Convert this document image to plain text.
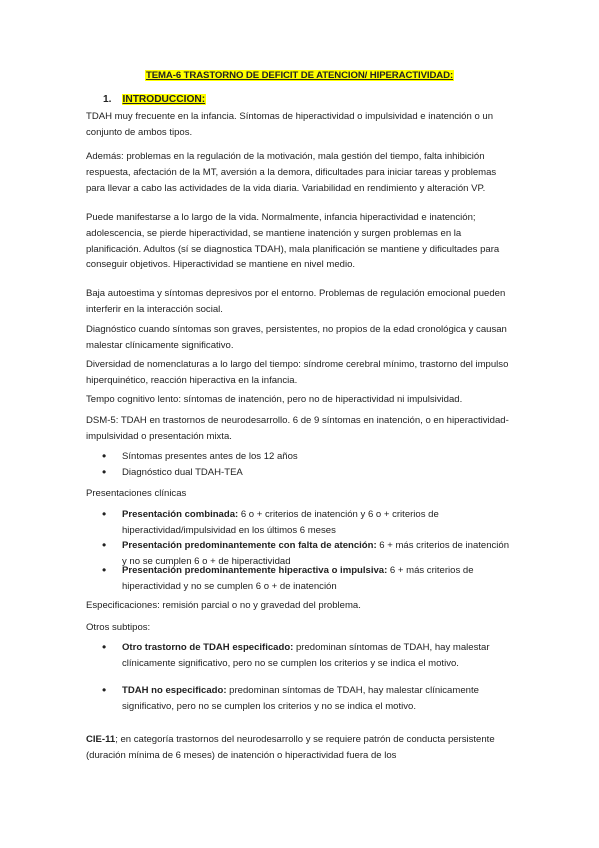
TEMA-6 TRASTORNO DE DEFICIT DE ATENCION/ HIPERACTIVIDAD:
1. INTRODUCCION:

TDAH muy frecuente en la infancia. Síntomas de hiperactividad o impulsividad e inatención o un conjunto de ambos tipos.

Además: problemas en la regulación de la motivación, mala gestión del tiempo, falta inhibición respuesta, afectación de la MT, aversión a la demora, dificultades para iniciar tareas y problemas para llevar a cabo las actividades de la vida diaria. Variabilidad en rendimiento y alteración VP.

Puede manifestarse a lo largo de la vida. Normalmente, infancia hiperactividad e inatención; adolescencia, se pierde hiperactividad, se mantiene inatención y surgen problemas en la planificación. Adultos (sí se diagnostica TDAH), mala planificación se mantiene y dificultades para conseguir objetivos. Hiperactividad se mantiene en nivel medio.

Baja autoestima y síntomas depresivos por el entorno. Problemas de regulación emocional pueden interferir en la interacción social.

Diagnóstico cuando síntomas son graves, persistentes, no propios de la edad cronológica y causan malestar clínicamente significativo.

Diversidad de nomenclaturas a lo largo del tiempo: síndrome cerebral mínimo, trastorno del impulso hiperquinético, reacción hiperactiva en la infancia.

Tempo cognitivo lento: síntomas de inatención, pero no de hiperactividad ni impulsividad.

DSM-5: TDAH en trastornos de neurodesarrollo. 6 de 9 síntomas en inatención, o en hiperactividad-impulsividad o presentación mixta.

• Síntomas presentes antes de los 12 años
• Diagnóstico dual TDAH-TEA

Presentaciones clínicas

• Presentación combinada: 6 o + criterios de inatención y 6 o + criterios de hiperactividad/impulsividad en los últimos 6 meses
• Presentación predominantemente con falta de atención: 6 + más criterios de inatención y no se cumplen 6 o + de hiperactividad
• Presentación predominantemente hiperactiva o impulsiva: 6 + más criterios de hiperactividad y no se cumplen 6 o + de inatención

Especificaciones: remisión parcial o no y gravedad del problema.

Otros subtipos:

• Otro trastorno de TDAH especificado: predominan síntomas de TDAH, hay malestar clínicamente significativo, pero no se cumplen los criterios y se indica el motivo.
• TDAH no especificado: predominan síntomas de TDAH, hay malestar clínicamente significativo, pero no se cumplen los criterios y no se indica el motivo.

CIE-11; en categoría trastornos del neurodesarrollo y se requiere patrón de conducta persistente (duración mínima de 6 meses) de inatención o hiperactividad fuera de los
